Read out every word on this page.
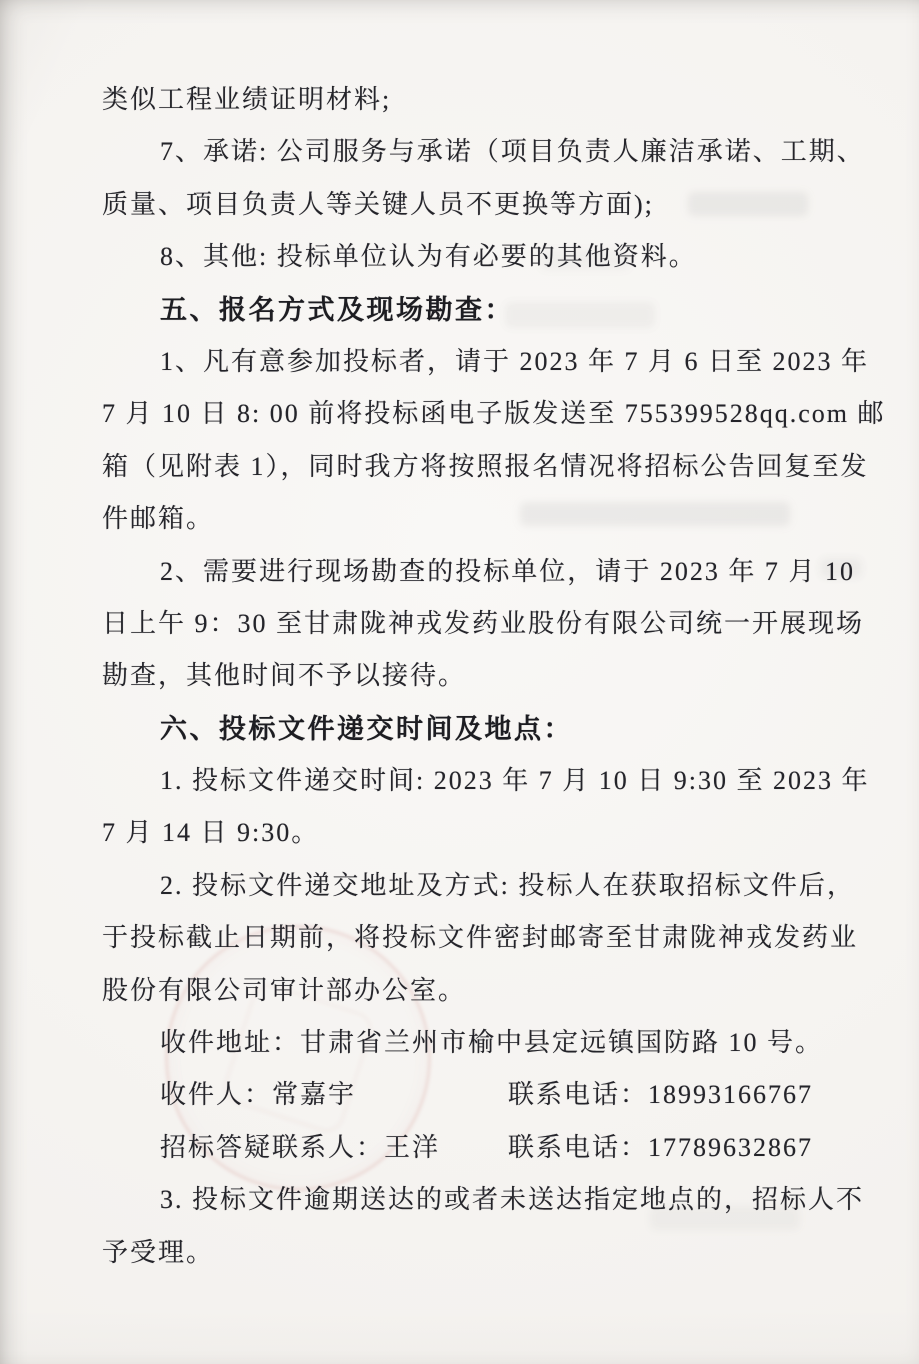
类似工程业绩证明材料;
7、承诺: 公司服务与承诺（项目负责人廉洁承诺、工期、
质量、项目负责人等关键人员不更换等方面);
8、其他: 投标单位认为有必要的其他资料。
五、报名方式及现场勘查：
1、凡有意参加投标者，请于 2023 年 7 月 6 日至 2023 年
7 月 10 日 8: 00 前将投标函电子版发送至 755399528qq.com 邮
箱（见附表 1），同时我方将按照报名情况将招标公告回复至发
件邮箱。
2、需要进行现场勘查的投标单位，请于 2023 年 7 月 10
日上午 9：30 至甘肃陇神戎发药业股份有限公司统一开展现场
勘查，其他时间不予以接待。
六、投标文件递交时间及地点：
1. 投标文件递交时间: 2023 年 7 月 10 日 9:30 至 2023 年
7 月 14 日 9:30。
2. 投标文件递交地址及方式: 投标人在获取招标文件后，
于投标截止日期前，将投标文件密封邮寄至甘肃陇神戎发药业
股份有限公司审计部办公室。
收件地址：甘肃省兰州市榆中县定远镇国防路 10 号。
收件人：常嘉宇	联系电话：18993166767
招标答疑联系人：王洋	联系电话：17789632867
3. 投标文件逾期送达的或者未送达指定地点的，招标人不
予受理。
